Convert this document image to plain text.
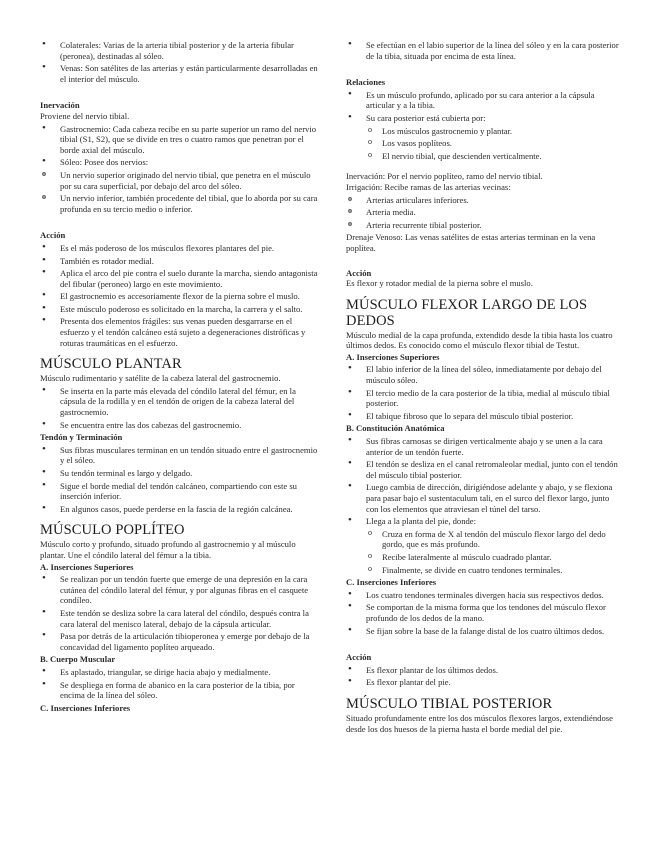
• Colaterales: Varias de la arteria tibial posterior y de la arteria fibular (peronea), destinadas al sóleo.
• Venas: Son satélites de las arterias y están particularmente desarrolladas en el interior del músculo.
Inervación
Proviene del nervio tibial.
• Gastrocnemio: Cada cabeza recibe en su parte superior un ramo del nervio tibial (S1, S2), que se divide en tres o cuatro ramos que penetran por el borde axial del músculo.
• Sóleo: Posee dos nervios:
o Un nervio superior originado del nervio tibial, que penetra en el músculo por su cara superficial, por debajo del arco del sóleo.
o Un nervio inferior, también procedente del tibial, que lo aborda por su cara profunda en su tercio medio o inferior.
Acción
• Es el más poderoso de los músculos flexores plantares del pie.
• También es rotador medial.
• Aplica el arco del pie contra el suelo durante la marcha, siendo antagonista del fibular (peroneo) largo en este movimiento.
• El gastrocnemio es accesoriamente flexor de la pierna sobre el muslo.
• Este músculo poderoso es solicitado en la marcha, la carrera y el salto.
• Presenta dos elementos frágiles: sus venas pueden desgarrarse en el esfuerzo y el tendón calcáneo está sujeto a degeneraciones distróficas y roturas traumáticas en el esfuerzo.
MÚSCULO PLANTAR
Músculo rudimentario y satélite de la cabeza lateral del gastrocnemio.
• Se inserta en la parte más elevada del cóndilo lateral del fémur, en la cápsula de la rodilla y en el tendón de origen de la cabeza lateral del gastrocnemio.
• Se encuentra entre las dos cabezas del gastrocnemio.
Tendón y Terminación
• Sus fibras musculares terminan en un tendón situado entre el gastrocnemio y el sóleo.
• Su tendón terminal es largo y delgado.
• Sigue el borde medial del tendón calcáneo, compartiendo con este su inserción inferior.
• En algunos casos, puede perderse en la fascia de la región calcánea.
MÚSCULO POPLÍTEO
Músculo corto y profundo, situado profundo al gastrocnemio y al músculo plantar. Une el cóndilo lateral del fémur a la tibia.
A. Inserciones Superiores
• Se realizan por un tendón fuerte que emerge de una depresión en la cara cutánea del cóndilo lateral del fémur, y por algunas fibras en el casquete condíleo.
• Este tendón se desliza sobre la cara lateral del cóndilo, después contra la cara lateral del menisco lateral, debajo de la cápsula articular.
• Pasa por detrás de la articulación tibioperonea y emerge por debajo de la concavidad del ligamento poplíteo arqueado.
B. Cuerpo Muscular
• Es aplastado, triangular, se dirige hacia abajo y medialmente.
• Se despliega en forma de abanico en la cara posterior de la tibia, por encima de la línea del sóleo.
C. Inserciones Inferiores
• Se efectúan en el labio superior de la línea del sóleo y en la cara posterior de la tibia, situada por encima de esta línea.
Relaciones
• Es un músculo profundo, aplicado por su cara anterior a la cápsula articular y a la tibia.
• Su cara posterior está cubierta por:
o Los músculos gastrocnemio y plantar.
o Los vasos poplíteos.
o El nervio tibial, que descienden verticalmente.
Inervación: Por el nervio poplíteo, ramo del nervio tibial.
Irrigación: Recibe ramas de las arterias vecinas:
o Arterias articulares inferiores.
o Arteria media.
o Arteria recurrente tibial posterior.
Drenaje Venoso: Las venas satélites de estas arterias terminan en la vena poplítea.
Acción
Es flexor y rotador medial de la pierna sobre el muslo.
MÚSCULO FLEXOR LARGO DE LOS DEDOS
Músculo medial de la capa profunda, extendido desde la tibia hasta los cuatro últimos dedos. Es conocido como el músculo flexor tibial de Testut.
A. Inserciones Superiores
• El labio inferior de la línea del sóleo, inmediatamente por debajo del músculo sóleo.
• El tercio medio de la cara posterior de la tibia, medial al músculo tibial posterior.
• El tabique fibroso que lo separa del músculo tibial posterior.
B. Constitución Anatómica
• Sus fibras carnosas se dirigen verticalmente abajo y se unen a la cara anterior de un tendón fuerte.
• El tendón se desliza en el canal retromaleolar medial, junto con el tendón del músculo tibial posterior.
• Luego cambia de dirección, dirigiéndose adelante y abajo, y se flexiona para pasar bajo el sustentaculum tali, en el surco del flexor largo, junto con los elementos que atraviesan el túnel del tarso.
• Llega a la planta del pie, donde:
o Cruza en forma de X al tendón del músculo flexor largo del dedo gordo, que es más profundo.
o Recibe lateralmente al músculo cuadrado plantar.
o Finalmente, se divide en cuatro tendones terminales.
C. Inserciones Inferiores
• Los cuatro tendones terminales divergen hacia sus respectivos dedos.
• Se comportan de la misma forma que los tendones del músculo flexor profundo de los dedos de la mano.
• Se fijan sobre la base de la falange distal de los cuatro últimos dedos.
Acción
• Es flexor plantar de los últimos dedos.
• Es flexor plantar del pie.
MÚSCULO TIBIAL POSTERIOR
Situado profundamente entre los dos músculos flexores largos, extendiéndose desde los dos huesos de la pierna hasta el borde medial del pie.
